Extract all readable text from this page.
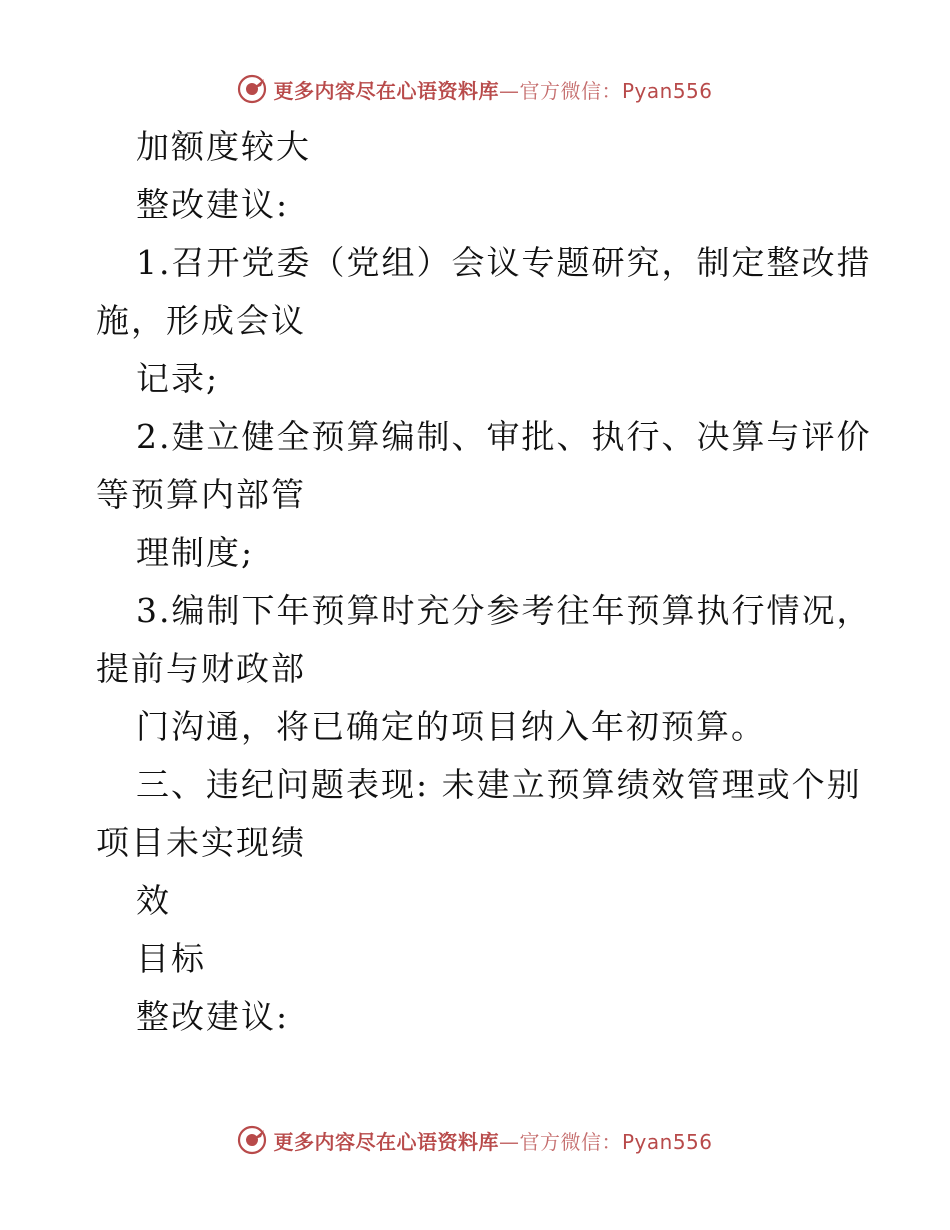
更多内容尽在心语资料库—官方微信：Pyan556
加额度较大
整改建议:
1.召开党委（党组）会议专题研究，制定整改措
施，形成会议
记录;
2.建立健全预算编制、审批、执行、决算与评价
等预算内部管
理制度;
3.编制下年预算时充分参考往年预算执行情况，
提前与财政部
门沟通，将已确定的项目纳入年初预算。
三、违纪问题表现: 未建立预算绩效管理或个别
项目未实现绩
效
目标
整改建议:
更多内容尽在心语资料库—官方微信：Pyan556
